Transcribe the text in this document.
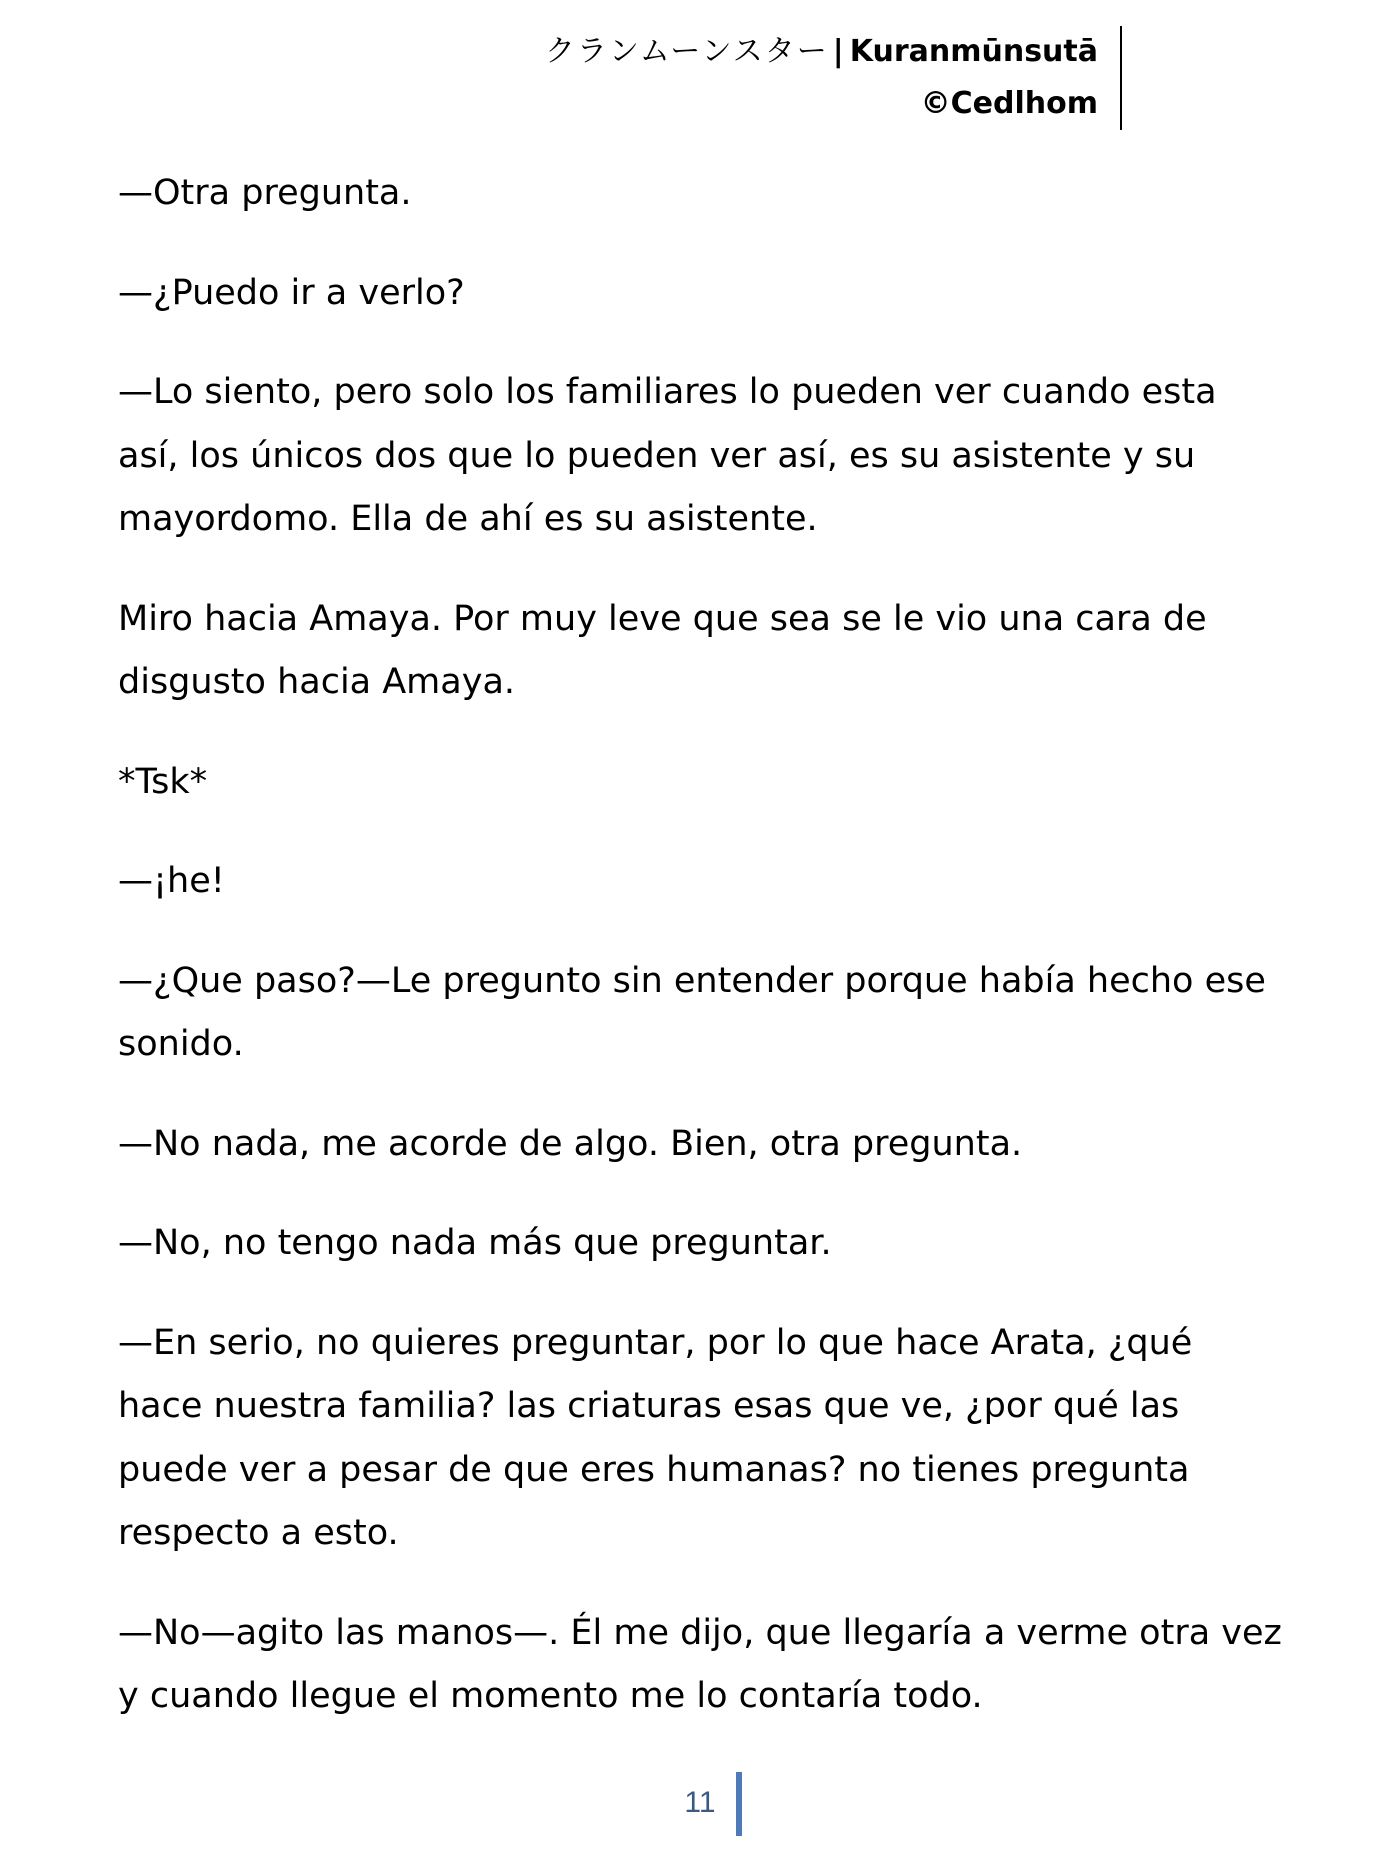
クランムーンスター | Kuranmūnsutā
©Cedlhom

—Otra pregunta.

—¿Puedo ir a verlo?

—Lo siento, pero solo los familiares lo pueden ver cuando esta así, los únicos dos que lo pueden ver así, es su asistente y su mayordomo. Ella de ahí es su asistente.

Miro hacia Amaya. Por muy leve que sea se le vio una cara de disgusto hacia Amaya.

*Tsk*

—¡he!

—¿Que paso?—Le pregunto sin entender porque había hecho ese sonido.

—No nada, me acorde de algo. Bien, otra pregunta.

—No, no tengo nada más que preguntar.

—En serio, no quieres preguntar, por lo que hace Arata, ¿qué hace nuestra familia? las criaturas esas que ve, ¿por qué las puede ver a pesar de que eres humanas? no tienes pregunta respecto a esto.

—No—agito las manos—. Él me dijo, que llegaría a verme otra vez y cuando llegue el momento me lo contaría todo.

11
